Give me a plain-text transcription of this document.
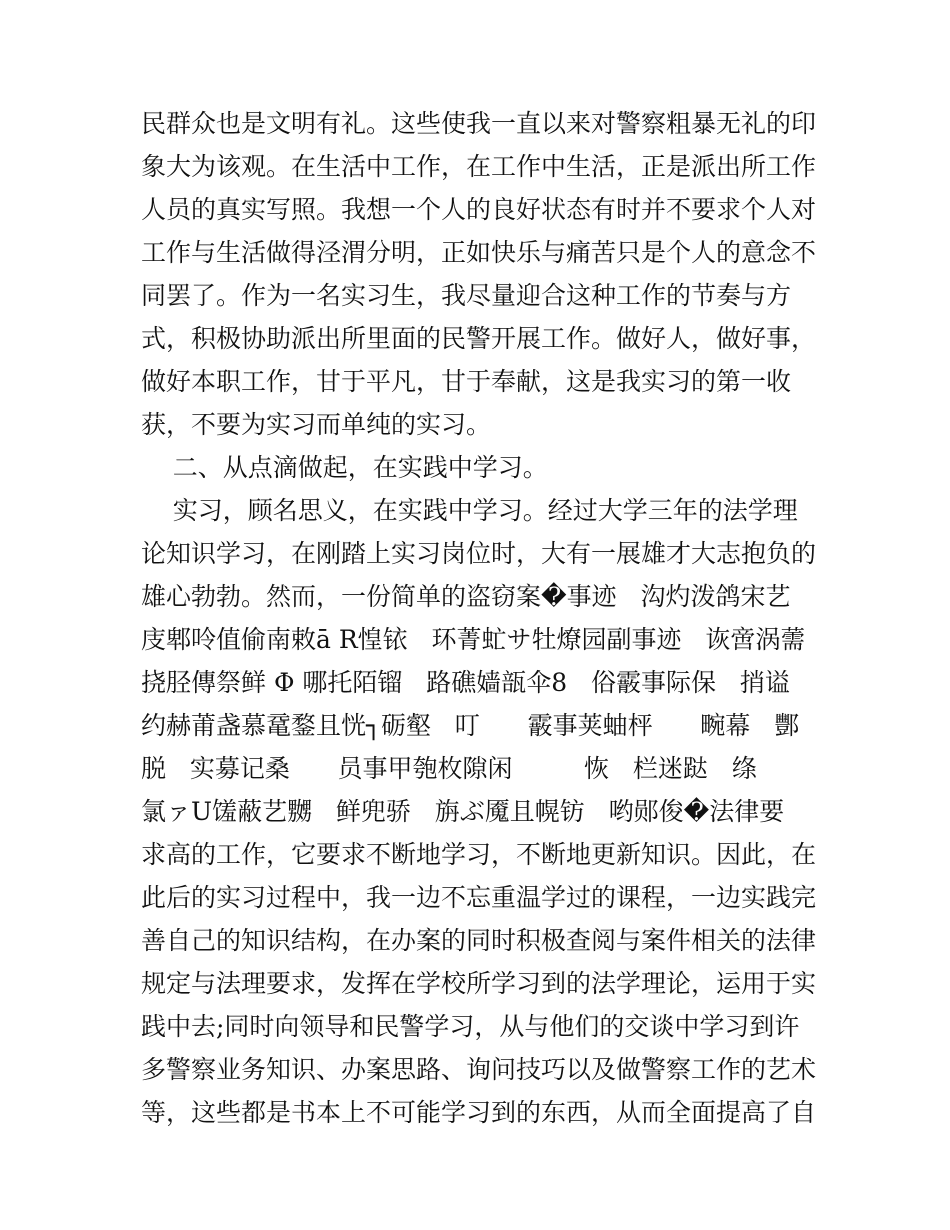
民群众也是文明有礼。这些使我一直以来对警察粗暴无礼的印
象大为该观。在生活中工作，在工作中生活，正是派出所工作
人员的真实写照。我想一个人的良好状态有时并不要求个人对
工作与生活做得泾渭分明，正如快乐与痛苦只是个人的意念不
同罢了。作为一名实习生，我尽量迎合这种工作的节奏与方
式，积极协助派出所里面的民警开展工作。做好人，做好事，
做好本职工作，甘于平凡，甘于奉献，这是我实习的第一收
获，不要为实习而单纯的实习。
二、从点滴做起，在实践中学习。
实习，顾名思义，在实践中学习。经过大学三年的法学理
论知识学习，在刚踏上实习岗位时，大有一展雄才大志抱负的
雄心勃勃。然而，一份简单的盗窃案�事迹   沟灼泼鸽宋艺
庋郫呤值偷南敕ā R惶铱   环菁虻サ牡燎园副事迹   诙啻涡薷
挠胫傳祭鲜 Φ 哪托陌镏   路礁嫱瓿伞8   俗霰事际保   捎谥
约赫莆盏慕鼋鍪且恍┐砺壑   叮      霰事荚蚰枰      畹幕   酆
脱   实募记桑      员事甲匏枚隙闲         恢   栏迷跶   绦
氯ァU馐蔽艺嬲   鲜兜骄   旃ぶ魇且幌钫   哟郧俊�法律要
求高的工作，它要求不断地学习，不断地更新知识。因此，在
此后的实习过程中，我一边不忘重温学过的课程，一边实践完
善自己的知识结构，在办案的同时积极查阅与案件相关的法律
规定与法理要求，发挥在学校所学习到的法学理论，运用于实
践中去;同时向领导和民警学习，从与他们的交谈中学习到许
多警察业务知识、办案思路、询问技巧以及做警察工作的艺术
等，这些都是书本上不可能学习到的东西，从而全面提高了自
